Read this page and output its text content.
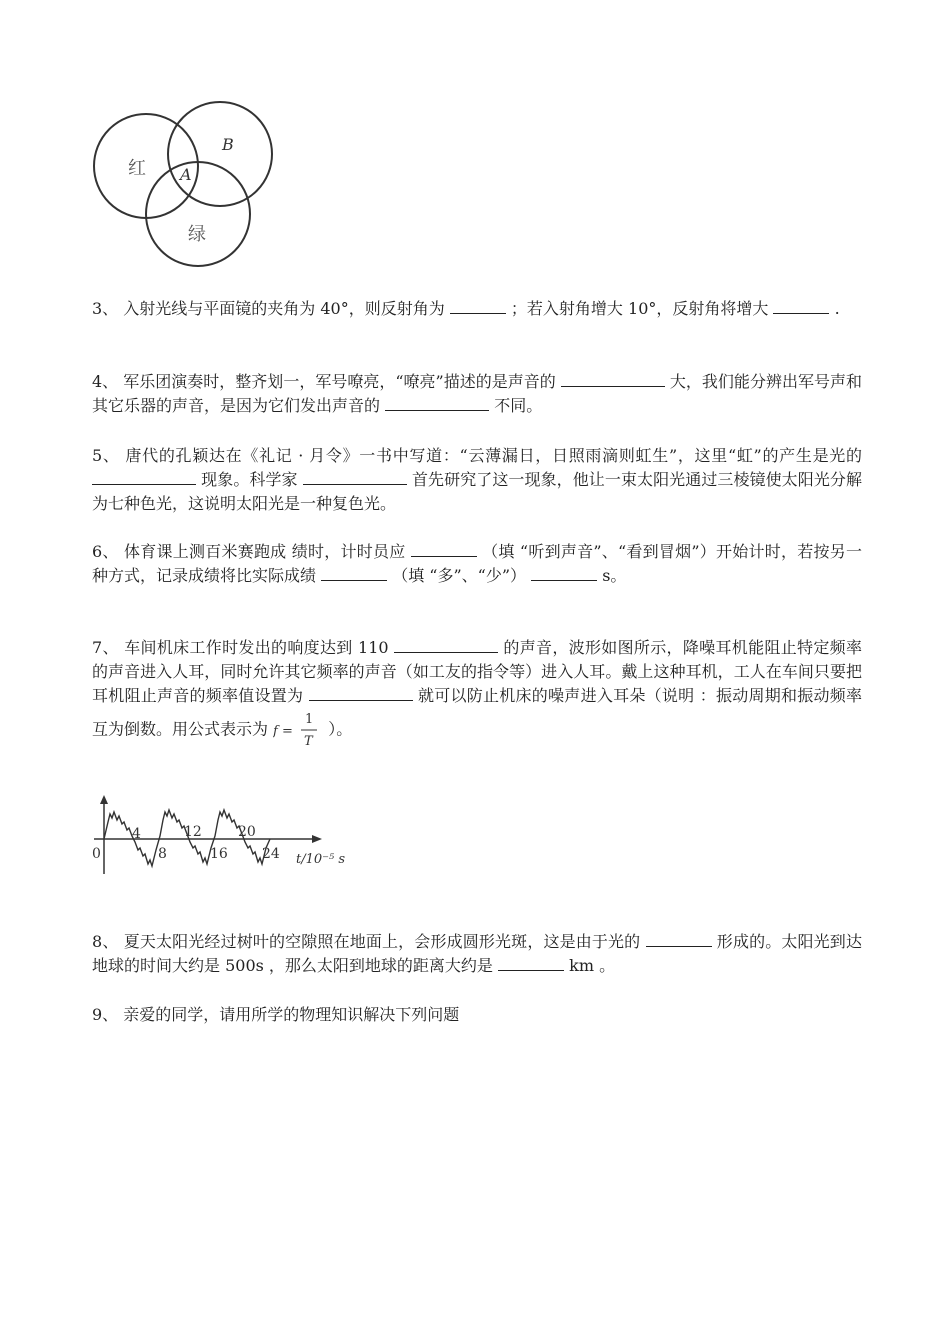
红
B
A
绿
3、 入射光线与平面镜的夹角为 40°，则反射角为	；若入射角增大 10°，反射角将增大	.
4、 军乐团演奏时，整齐划一，军号嘹亮，“嘹亮”描述的是声音的	大，我们能分辨出军号声和其它乐器的声音，是因为它们发出声音的	不同。
5、 唐代的孔颖达在《礼记 · 月令》一书中写道：“云薄漏日，日照雨滴则虹生”，这里“虹”的产生是光的  现象。科学家	首先研究了这一现象，他让一束太阳光通过三棱镜使太阳光分解为七种色光，这说明太阳光是一种复色光。
6、 体育课上测百米赛跑成 绩时，计时员应	（填 “听到声音”、“看到冒烟”）开始计时，若按另一种方式，记录成绩将比实际成绩	（填 “多”、“少”）	s。
7、 车间机床工作时发出的响度达到 110	的声音，波形如图所示，降噪耳机能阻止特定频率的声音进入人耳，同时允许其它频率的声音（如工友的指令等）进入人耳。戴上这种耳机，工人在车间只要把耳机阻止声音的频率值设置为	就可以防止机床的噪声进入耳朵（说明 ：振动周期和振动频率互为倒数。用公式表示为 f =
1
T
）。
0
4	12	20
8	16 24 t/10⁻⁵ s
8、 夏天太阳光经过树叶的空隙照在地面上，会形成圆形光斑，这是由于光的	形成的。太阳光到达地球的时间大约是 500s ，那么太阳到地球的距离大约是	km 。
9、 亲爱的同学，请用所学的物理知识解决下列问题
